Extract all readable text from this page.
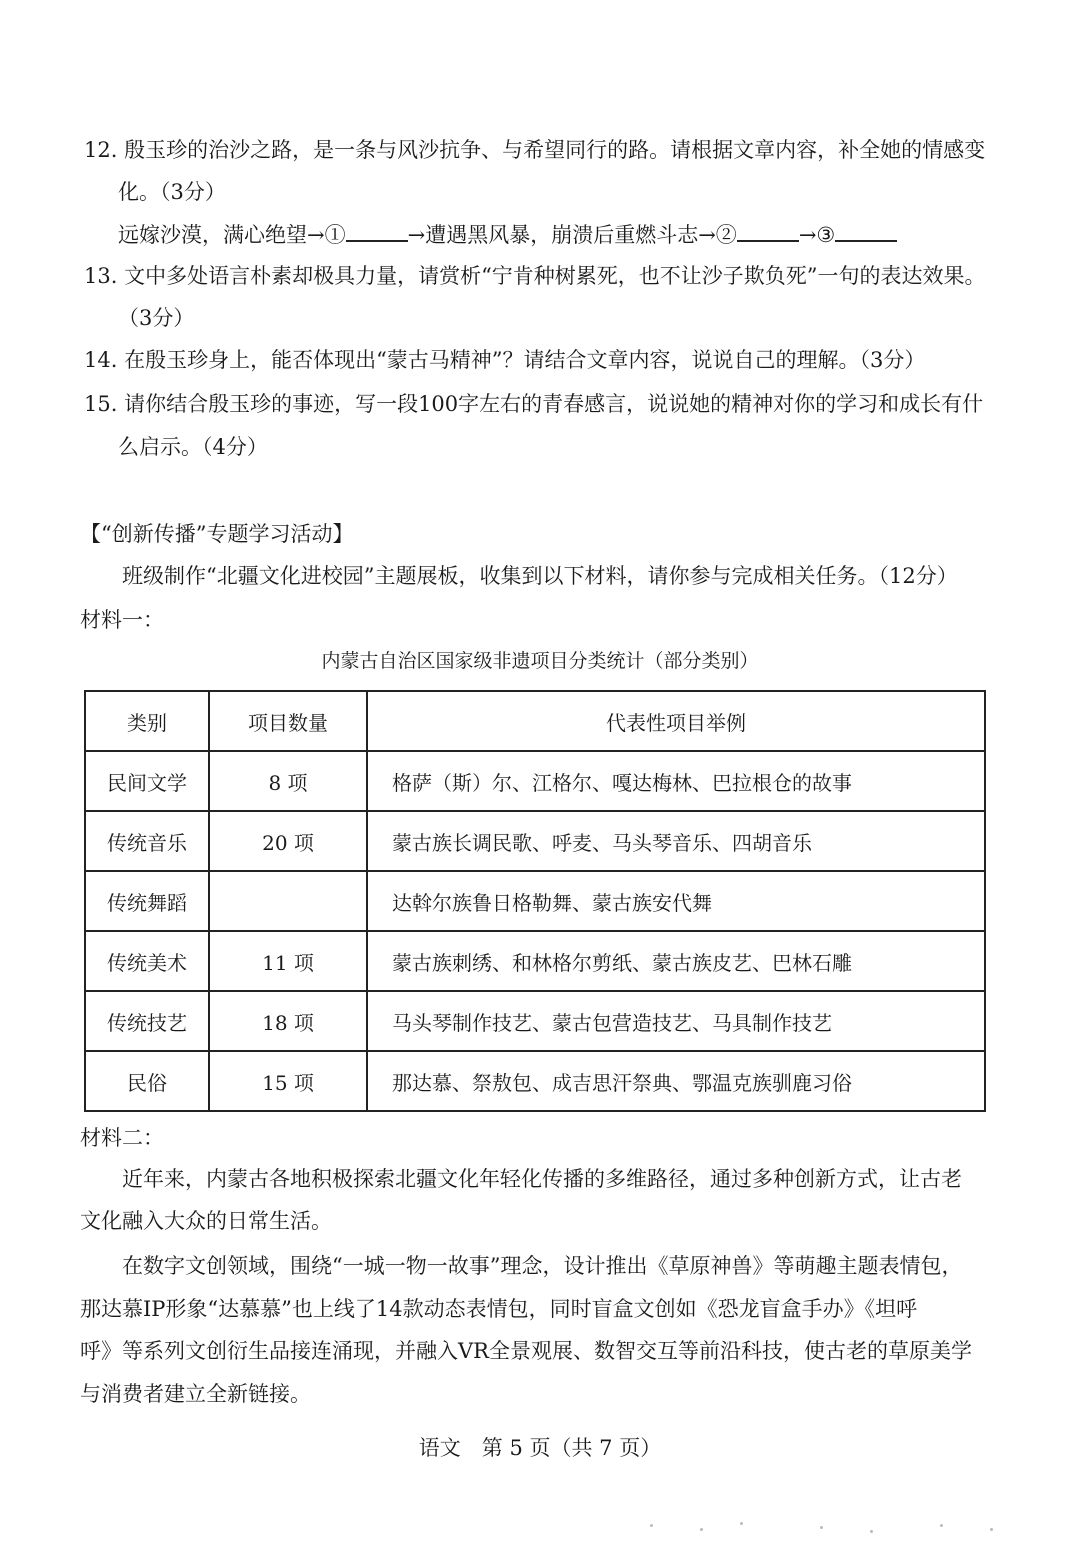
12. 殷玉珍的治沙之路，是一条与风沙抗争、与希望同行的路。请根据文章内容，补全她的情感变
化。（3分）
远嫁沙漠，满心绝望→①	→遭遇黑风暴，崩溃后重燃斗志→②	→③
13. 文中多处语言朴素却极具力量，请赏析“宁肯种树累死，也不让沙子欺负死”一句的表达效果。
（3分）
14. 在殷玉珍身上，能否体现出“蒙古马精神”？请结合文章内容，说说自己的理解。（3分）
15. 请你结合殷玉珍的事迹，写一段100字左右的青春感言，说说她的精神对你的学习和成长有什
么启示。（4分）
【“创新传播”专题学习活动】
班级制作“北疆文化进校园”主题展板，收集到以下材料，请你参与完成相关任务。（12分）
材料一：
内蒙古自治区国家级非遗项目分类统计（部分类别）
类别	项目数量	代表性项目举例
民间文学	8 项	格萨（斯）尔、江格尔、嘎达梅林、巴拉根仓的故事
传统音乐	20 项	蒙古族长调民歌、呼麦、马头琴音乐、四胡音乐
传统舞蹈		达斡尔族鲁日格勒舞、蒙古族安代舞
传统美术	11 项	蒙古族刺绣、和林格尔剪纸、蒙古族皮艺、巴林石雕
传统技艺	18 项	马头琴制作技艺、蒙古包营造技艺、马具制作技艺
民俗	15 项	那达慕、祭敖包、成吉思汗祭典、鄂温克族驯鹿习俗
材料二：
近年来，内蒙古各地积极探索北疆文化年轻化传播的多维路径，通过多种创新方式，让古老
文化融入大众的日常生活。
在数字文创领域，围绕“一城一物一故事”理念，设计推出《草原神兽》等萌趣主题表情包，
那达慕IP形象“达慕慕”也上线了14款动态表情包，同时盲盒文创如《恐龙盲盒手办》《坦呼
呼》等系列文创衍生品接连涌现，并融入VR全景观展、数智交互等前沿科技，使古老的草原美学
与消费者建立全新链接。
语文　第 5 页（共 7 页）
